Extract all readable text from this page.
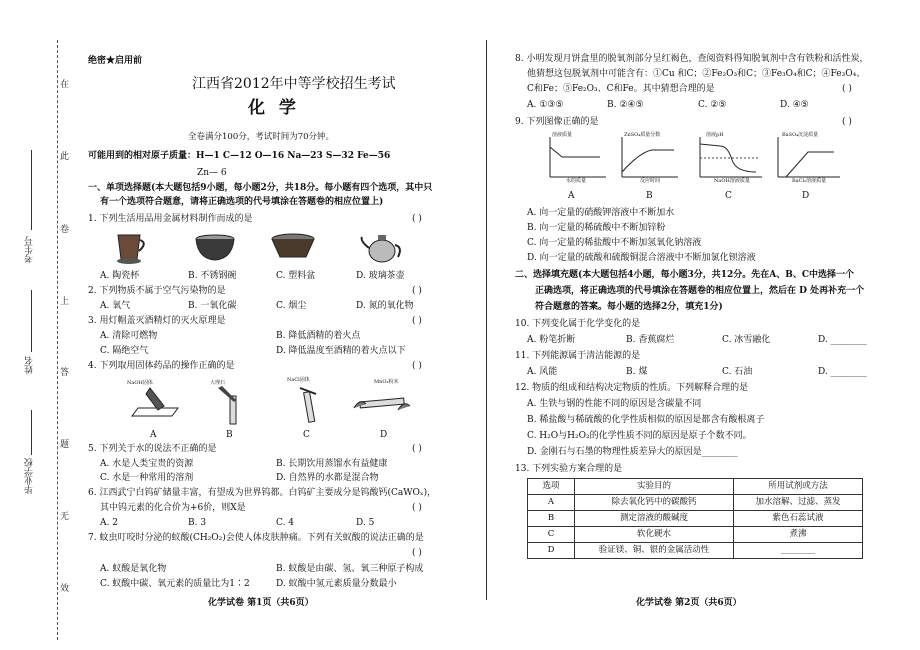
在
此
卷
上
答
题
无
效
考生号
姓名
毕业学校
绝密★启用前
江西省2012年中等学校招生考试
化 学
全卷满分100分，考试时间为70分钟。
可能用到的相对原子质量：H—1 C—12 O—16 Na—23 S—32 Fe—56
Zn— 6
一、单项选择题(本大题包括9小题，每小题2分，共18分。每小题有四个选项，其中只
有一个选项符合题意，请将正确选项的代号填涂在答题卷的相应位置上)
1. 下列生活用品用金属材料制作而成的是	( )
A. 陶瓷杯	B. 不锈钢碗	C. 塑料盆	D. 玻璃茶壶
2. 下列物质不属于空气污染物的是	( )
A. 氧气	B. 一氧化碳	C. 烟尘	D. 氮的氧化物
3. 用灯帽盖灭酒精灯的灭火原理是	( )
A. 清除可燃物	B. 降低酒精的着火点
C. 隔绝空气	D. 降低温度至酒精的着火点以下
4. 下列取用固体药品的操作正确的是	( )
NaOH固体	大理石	NaCl固体	MnO₂粉末
A	B	C	D
5. 下列关于水的说法不正确的是	( )
A. 水是人类宝贵的资源	B. 长期饮用蒸馏水有益健康
C. 水是一种常用的溶剂	D. 自然界的水都是混合物
6. 江西武宁白钨矿储量丰富，有望成为世界钨都。白钨矿主要成分是钨酸钙(CaWOₓ)，
其中钨元素的化合价为+6价，则X是	( )
A. 2	B. 3	C. 4	D. 5
7. 蚊虫叮咬时分泌的蚁酸(CH₂O₂)会使人体皮肤肿痛。下列有关蚁酸的说法正确的是
( )
A. 蚁酸是氧化物	B. 蚁酸是由碳、氢、氧三种原子构成
C. 蚁酸中碳、氧元素的质量比为1∶2	D. 蚁酸中氢元素质量分数最小
化学试卷 第1页（共6页）
8. 小明发现月饼盒里的脱氧剂部分呈红褐色，查阅资料得知脱氧剂中含有铁粉和活性炭，
他猜想这包脱氧剂中可能含有：①Cu 和C；②Fe₂O₃和C；③Fe₃O₄和C；④Fe₃O₄、
C和Fe；⑤Fe₂O₃、C和Fe。其中猜想合理的是	( )
A. ①③⑤	B. ②④⑤	C. ②⑤	D. ④⑤
9. 下列图像正确的是	( )
溶液质量	ZnSO₄质量分数	溶液pH	BaSO₄沉淀质量
水的质量	反应时间	NaOH溶液质量	BaCl₂溶液质量
A	B	C	D
A. 向一定量的硝酸钾溶液中不断加水
B. 向一定量的稀硫酸中不断加锌粉
C. 向一定量的稀盐酸中不断加氢氧化钠溶液
D. 向一定量的硫酸和硫酸铜混合溶液中不断加氯化钡溶液
二、选择填充题(本大题包括4小题，每小题3分，共12分。先在A、B、C中选择一个
正确选项，将正确选项的代号填涂在答题卷的相应位置上，然后在 D 处再补充一个
符合题意的答案。每小题的选择2分，填充1分)
10. 下列变化属于化学变化的是
A. 粉笔折断	B. 香蕉腐烂	C. 冰雪融化	D. ________
11. 下列能源属于清洁能源的是
A. 风能	B. 煤	C. 石油	D. ________
12. 物质的组成和结构决定物质的性质。下列解释合理的是
A. 生铁与钢的性能不同的原因是含碳量不同
B. 稀盐酸与稀硫酸的化学性质相似的原因是都含有酸根离子
C. H₂O与H₂O₂的化学性质不同的原因是原子个数不同。
D. 金刚石与石墨的物理性质差异大的原因是________
13. 下列实验方案合理的是
选项	实验目的	所用试剂或方法
A	除去氧化钙中的碳酸钙	加水溶解、过滤、蒸发
B	测定溶液的酸碱度	紫色石蕊试液
C	软化硬水	煮沸
D	验证镁、铜、银的金属活动性	________
化学试卷 第2页（共6页）
